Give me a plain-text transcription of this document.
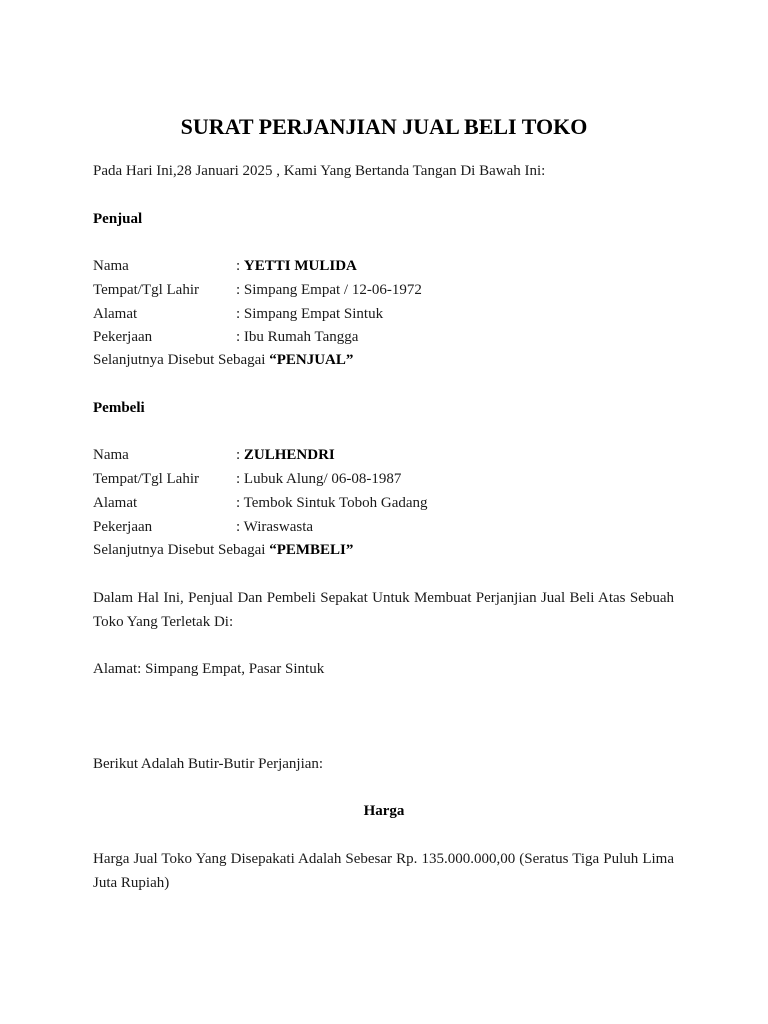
SURAT PERJANJIAN JUAL BELI TOKO
Pada Hari Ini,28 Januari 2025 , Kami Yang Bertanda Tangan Di Bawah Ini:
Penjual
Nama	: YETTI MULIDA
Tempat/Tgl Lahir : Simpang Empat / 12-06-1972
Alamat	: Simpang Empat Sintuk
Pekerjaan	: Ibu Rumah Tangga
Selanjutnya Disebut Sebagai “PENJUAL”
Pembeli
Nama	: ZULHENDRI
Tempat/Tgl Lahir : Lubuk Alung/ 06-08-1987
Alamat	: Tembok Sintuk Toboh Gadang
Pekerjaan	: Wiraswasta
Selanjutnya Disebut Sebagai “PEMBELI”
Dalam Hal Ini, Penjual Dan Pembeli Sepakat Untuk Membuat Perjanjian Jual Beli Atas Sebuah
Toko Yang Terletak Di:
Alamat: Simpang Empat, Pasar Sintuk
Berikut Adalah Butir-Butir Perjanjian:
Harga
Harga Jual Toko Yang Disepakati Adalah Sebesar Rp. 135.000.000,00 (Seratus Tiga Puluh Lima
Juta Rupiah)
